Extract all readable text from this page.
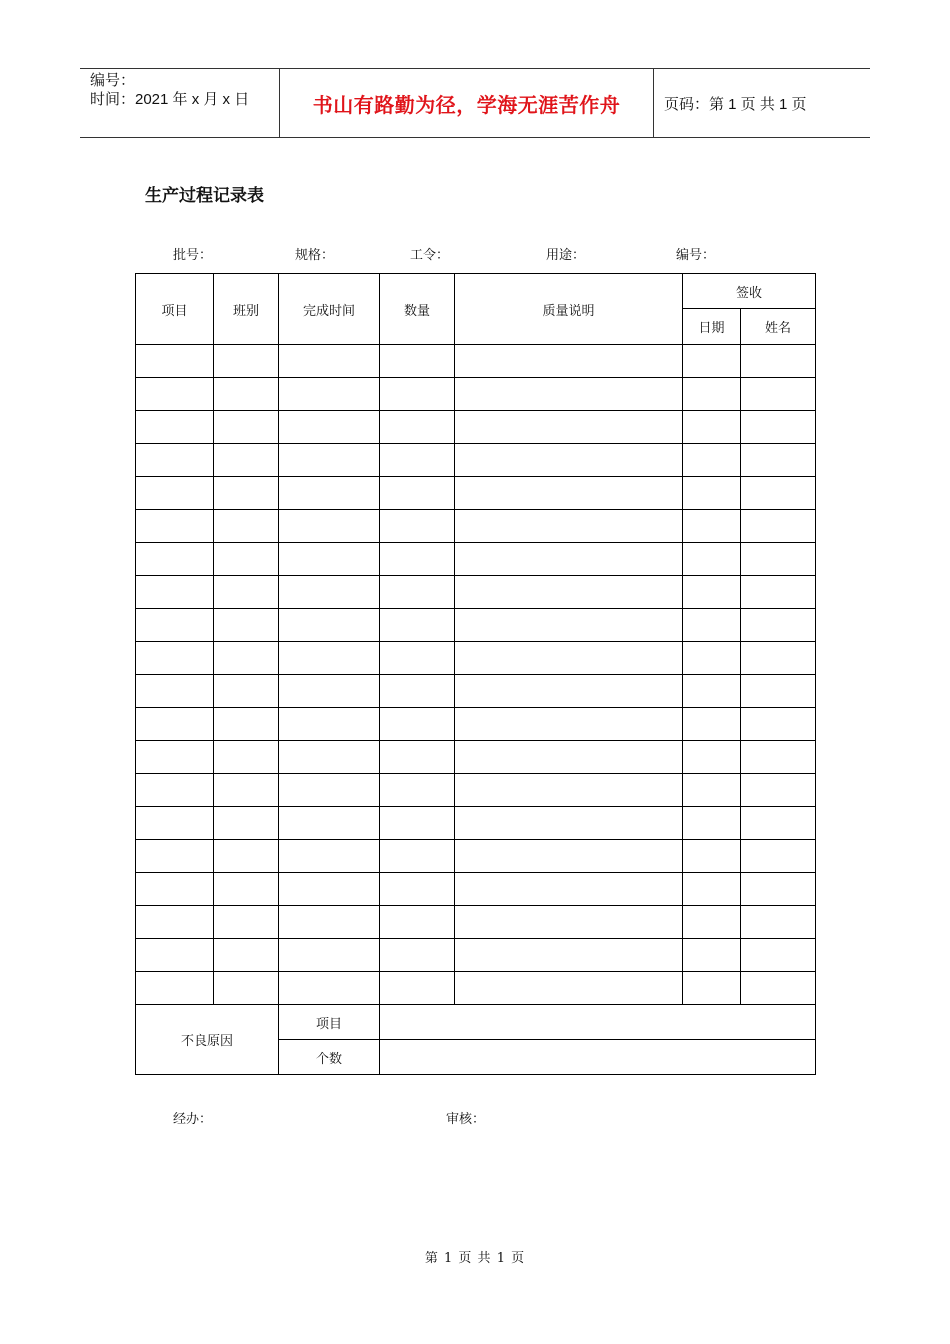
编号：
时间：2021 年 x 月 x 日	书山有路勤为径，学海无涯苦作舟	页码：第 1 页 共 1 页
生产过程记录表
批号：	规格：	工令：	用途：	编号：
项目	班别	完成时间	数量	质量说明	签收	
					日期	姓名

不良原因		项目				
		个数				
经办：	审核：
第 1 页 共 1 页
